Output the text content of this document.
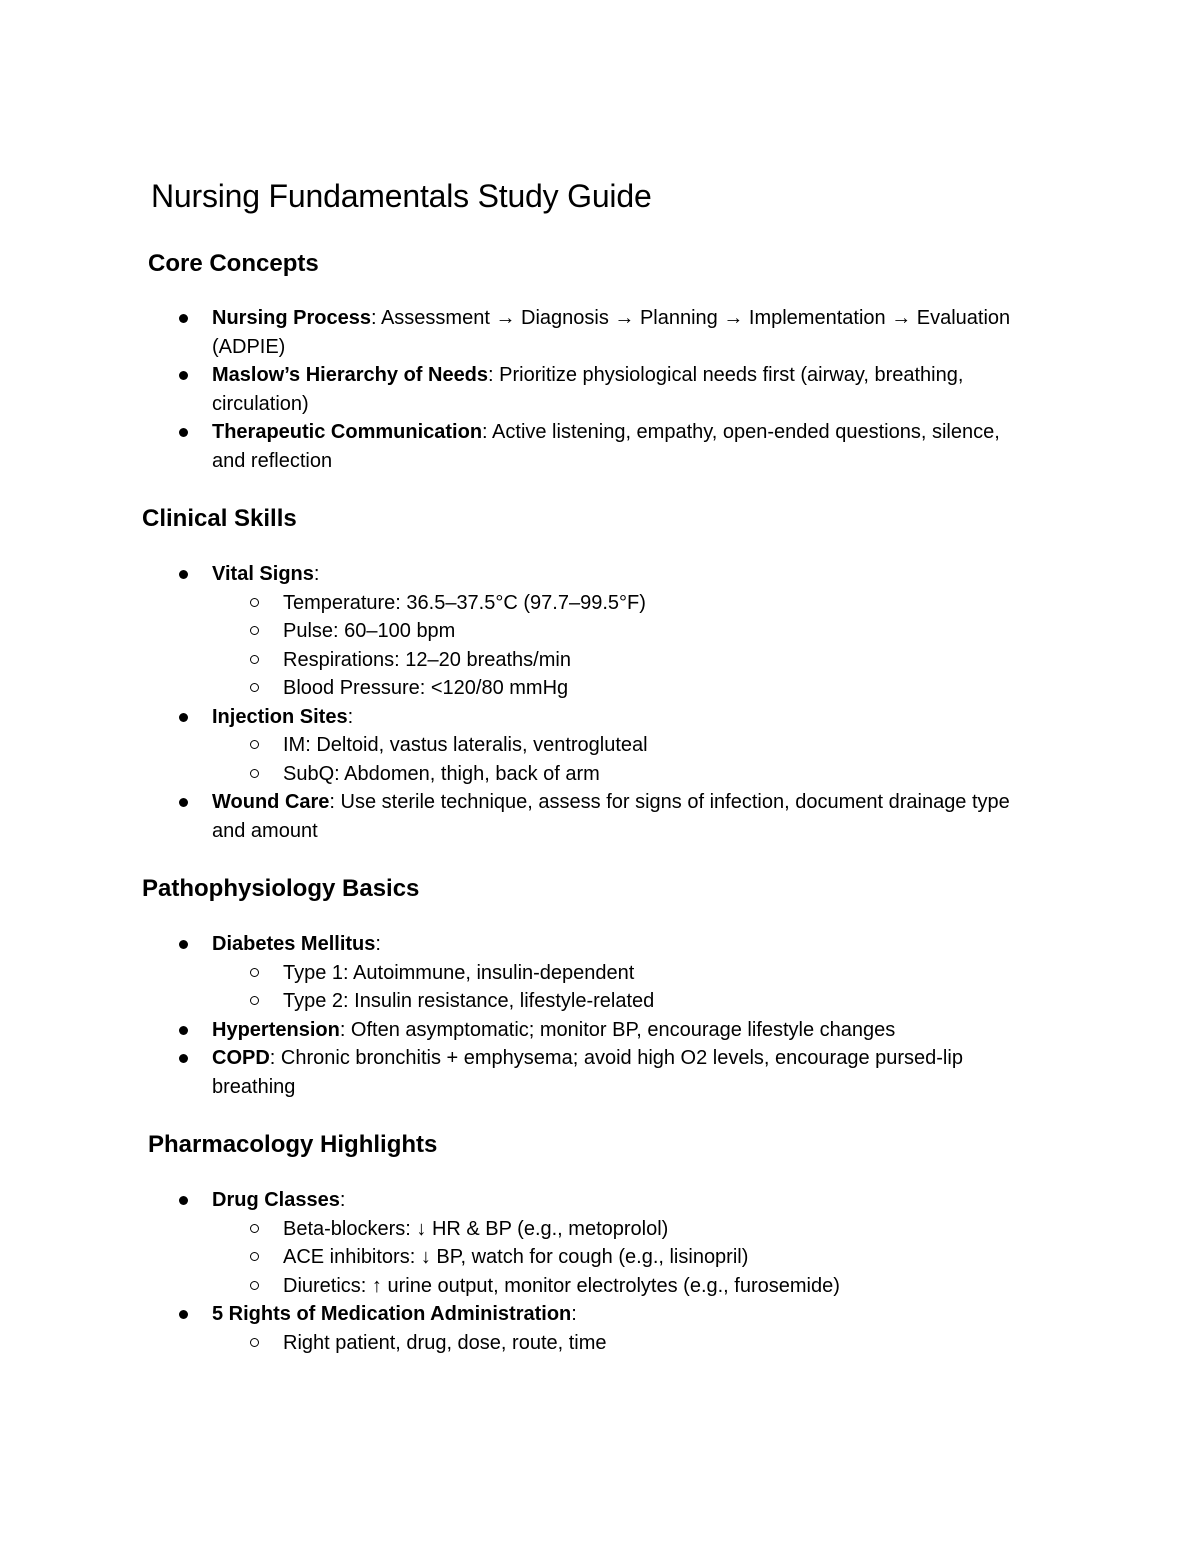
Nursing Fundamentals Study Guide
Core Concepts
Nursing Process: Assessment → Diagnosis → Planning → Implementation → Evaluation (ADPIE)
Maslow’s Hierarchy of Needs: Prioritize physiological needs first (airway, breathing, circulation)
Therapeutic Communication: Active listening, empathy, open-ended questions, silence, and reflection
Clinical Skills
Vital Signs:
Temperature: 36.5–37.5°C (97.7–99.5°F)
Pulse: 60–100 bpm
Respirations: 12–20 breaths/min
Blood Pressure: <120/80 mmHg
Injection Sites:
IM: Deltoid, vastus lateralis, ventrogluteal
SubQ: Abdomen, thigh, back of arm
Wound Care: Use sterile technique, assess for signs of infection, document drainage type and amount
Pathophysiology Basics
Diabetes Mellitus:
Type 1: Autoimmune, insulin-dependent
Type 2: Insulin resistance, lifestyle-related
Hypertension: Often asymptomatic; monitor BP, encourage lifestyle changes
COPD: Chronic bronchitis + emphysema; avoid high O2 levels, encourage pursed-lip breathing
Pharmacology Highlights
Drug Classes:
Beta-blockers: ↓ HR & BP (e.g., metoprolol)
ACE inhibitors: ↓ BP, watch for cough (e.g., lisinopril)
Diuretics: ↑ urine output, monitor electrolytes (e.g., furosemide)
5 Rights of Medication Administration:
Right patient, drug, dose, route, time
